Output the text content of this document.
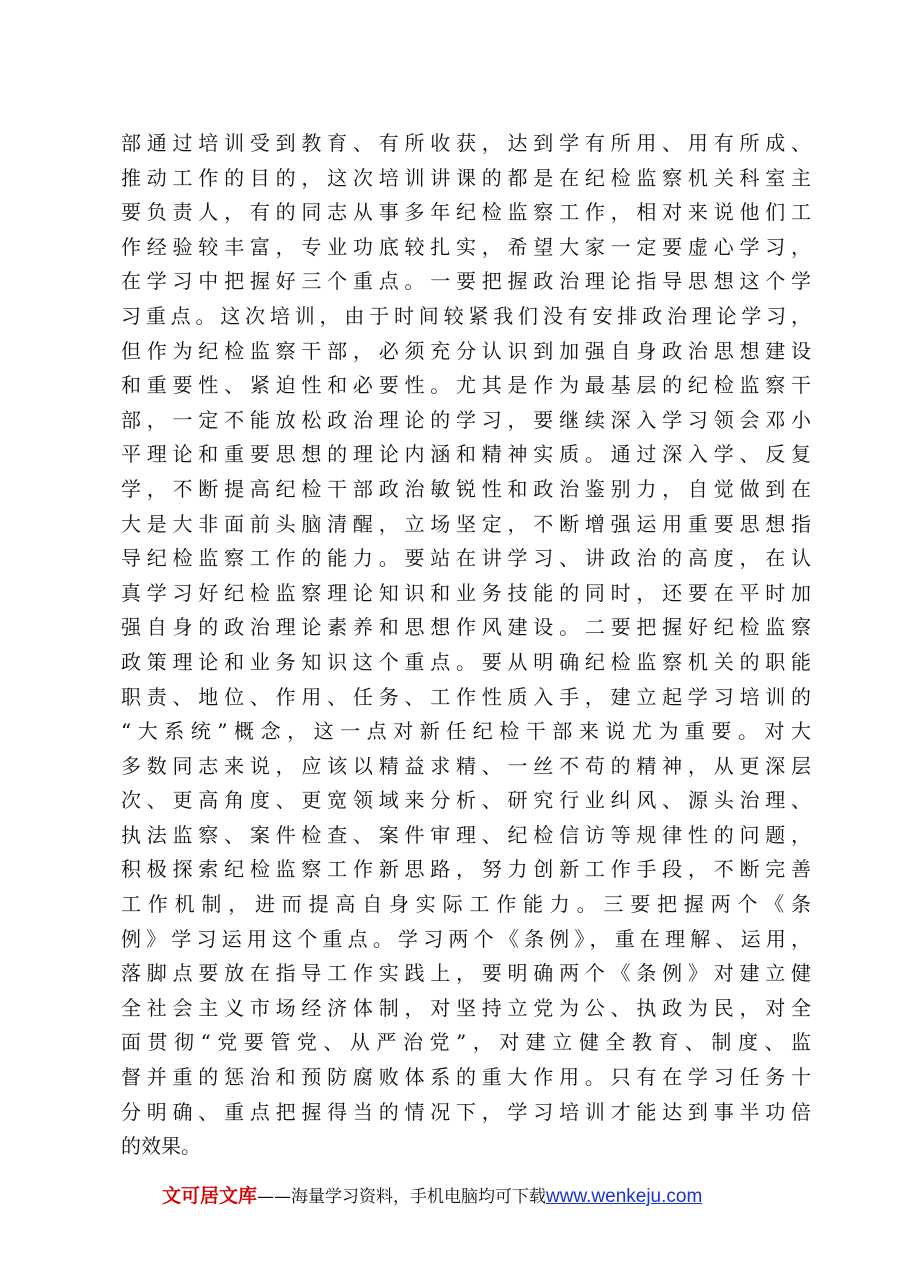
部通过培训受到教育、有所收获，达到学有所用、用有所成、
推动工作的目的，这次培训讲课的都是在纪检监察机关科室主
要负责人，有的同志从事多年纪检监察工作，相对来说他们工
作经验较丰富，专业功底较扎实，希望大家一定要虚心学习，
在学习中把握好三个重点。一要把握政治理论指导思想这个学
习重点。这次培训，由于时间较紧我们没有安排政治理论学习，
但作为纪检监察干部，必须充分认识到加强自身政治思想建设
和重要性、紧迫性和必要性。尤其是作为最基层的纪检监察干
部，一定不能放松政治理论的学习，要继续深入学习领会邓小
平理论和重要思想的理论内涵和精神实质。通过深入学、反复
学，不断提高纪检干部政治敏锐性和政治鉴别力，自觉做到在
大是大非面前头脑清醒，立场坚定，不断增强运用重要思想指
导纪检监察工作的能力。要站在讲学习、讲政治的高度，在认
真学习好纪检监察理论知识和业务技能的同时，还要在平时加
强自身的政治理论素养和思想作风建设。二要把握好纪检监察
政策理论和业务知识这个重点。要从明确纪检监察机关的职能
职责、地位、作用、任务、工作性质入手，建立起学习培训的
“大系统”概念，这一点对新任纪检干部来说尤为重要。对大
多数同志来说，应该以精益求精、一丝不苟的精神，从更深层
次、更高角度、更宽领域来分析、研究行业纠风、源头治理、
执法监察、案件检查、案件审理、纪检信访等规律性的问题，
积极探索纪检监察工作新思路，努力创新工作手段，不断完善
工作机制，进而提高自身实际工作能力。三要把握两个《条
例》学习运用这个重点。学习两个《条例》，重在理解、运用，
落脚点要放在指导工作实践上，要明确两个《条例》对建立健
全社会主义市场经济体制，对坚持立党为公、执政为民，对全
面贯彻“党要管党、从严治党”，对建立健全教育、制度、监
督并重的惩治和预防腐败体系的重大作用。只有在学习任务十
分明确、重点把握得当的情况下，学习培训才能达到事半功倍
的效果。
文可居文库——海量学习资料，手机电脑均可下载www.wenkeju.com
